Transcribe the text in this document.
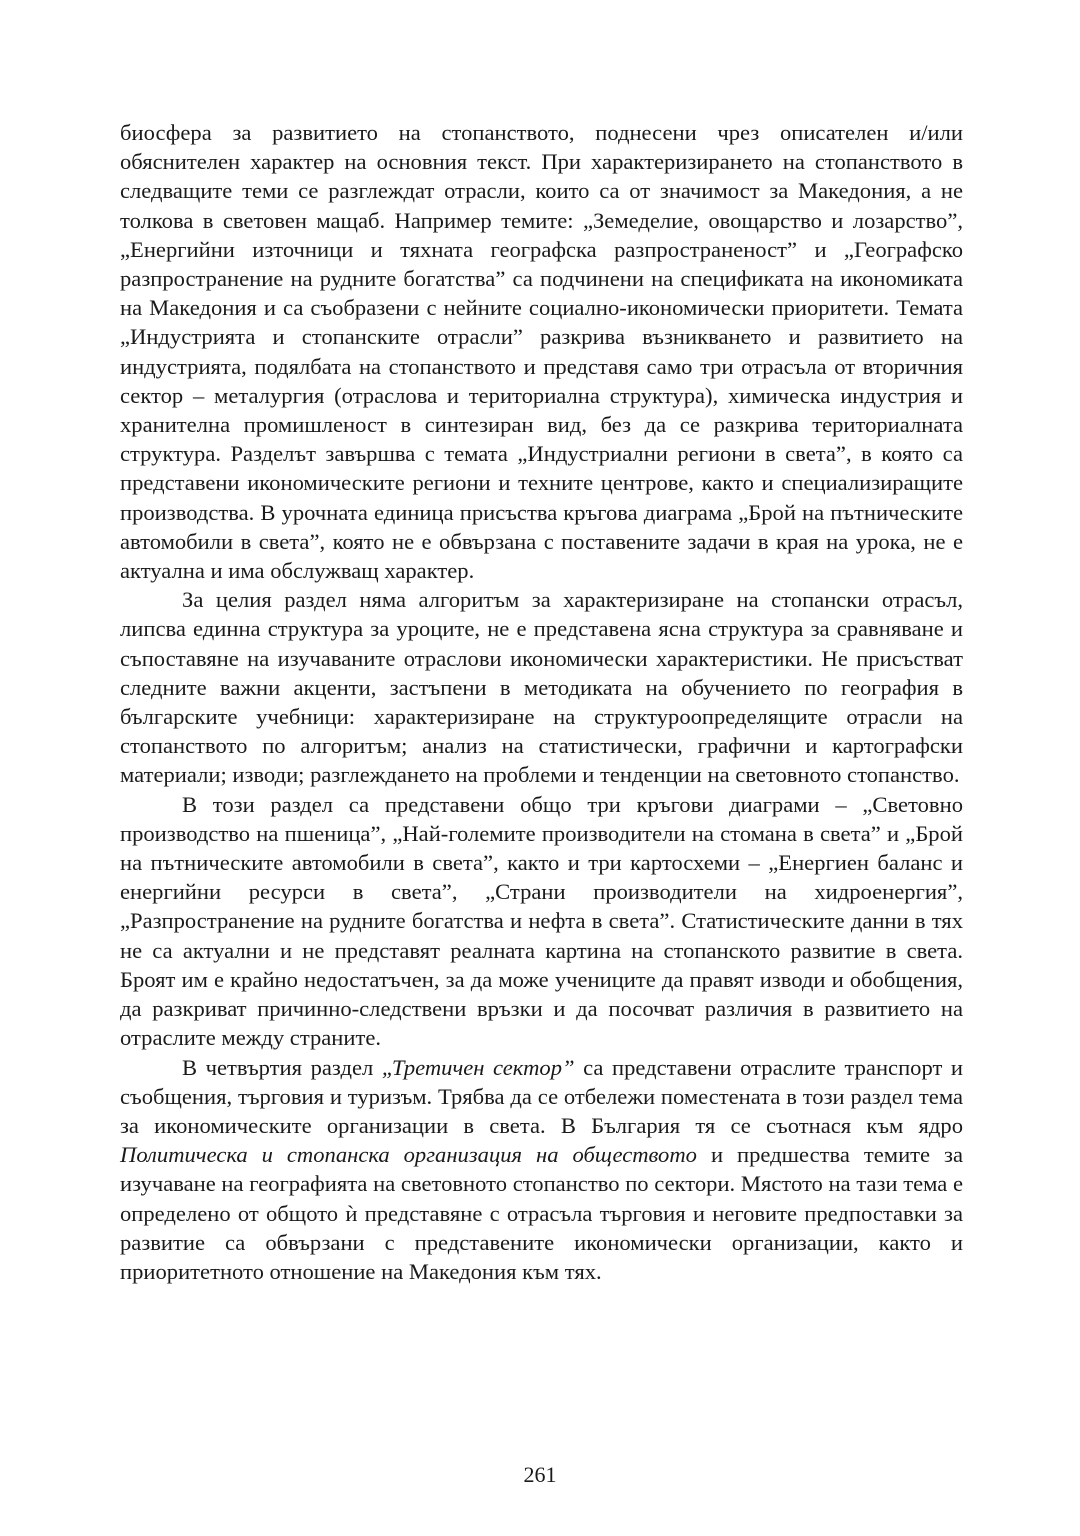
биосфера за развитието на стопанството, поднесени чрез описателен и/или обяснителен характер на основния текст. При характеризирането на стопанството в следващите теми се разглеждат отрасли, които са от значимост за Македония, а не толкова в световен мащаб. Например темите: „Земеделие, овощарство и лозарство”, „Енергийни източници и тяхната географска разпространеност” и „Географско разпространение на рудните богатства” са подчинени на спецификата на икономиката на Македония и са съобразени с нейните социално-икономически приоритети. Темата „Индустрията и стопанските отрасли” разкрива възникването и развитието на индустрията, подялбата на стопанството и представя само три отрасъла от вторичния сектор – металургия (отраслова и териториална структура), химическа индустрия и хранителна промишленост в синтезиран вид, без да се разкрива териториалната структура. Разделът завършва с темата „Индустриални региони в света”, в която са представени икономическите региони и техните центрове, както и специализиращите производства. В урочната единица присъства кръгова диаграма „Брой на пътническите автомобили в света”, която не е обвързана с поставените задачи в края на урока, не е актуална и има обслужващ характер.

За целия раздел няма алгоритъм за характеризиране на стопански отрасъл, липсва единна структура за уроците, не е представена ясна структура за сравняване и съпоставяне на изучаваните отраслови икономически характеристики. Не присъстват следните важни акценти, застъпени в методиката на обучението по география в българските учебници: характеризиране на структуроопределящите отрасли на стопанството по алгоритъм; анализ на статистически, графични и картографски материали; изводи; разглеждането на проблеми и тенденции на световното стопанство.

В този раздел са представени общо три кръгови диаграми – „Световно производство на пшеница”, „Най-големите производители на стомана в света” и „Брой на пътническите автомобили в света”, както и три картосхеми – „Енергиен баланс и енергийни ресурси в света”, „Страни производители на хидроенергия”, „Разпространение на рудните богатства и нефта в света”. Статистическите данни в тях не са актуални и не представят реалната картина на стопанското развитие в света. Броят им е крайно недостатъчен, за да може учениците да правят изводи и обобщения, да разкриват причинно-следствени връзки и да посочват различия в развитието на отраслите между страните.

В четвъртия раздел „Третичен сектор” са представени отраслите транспорт и съобщения, търговия и туризъм. Трябва да се отбележи поместената в този раздел тема за икономическите организации в света. В България тя се съотнася към ядро Политическа и стопанска организация на обществото и предшества темите за изучаване на географията на световното стопанство по сектори. Мястото на тази тема е определено от общото ѝ представяне с отрасъла търговия и неговите предпоставки за развитие са обвързани с представените икономически организации, както и приоритетното отношение на Македония към тях.

261
